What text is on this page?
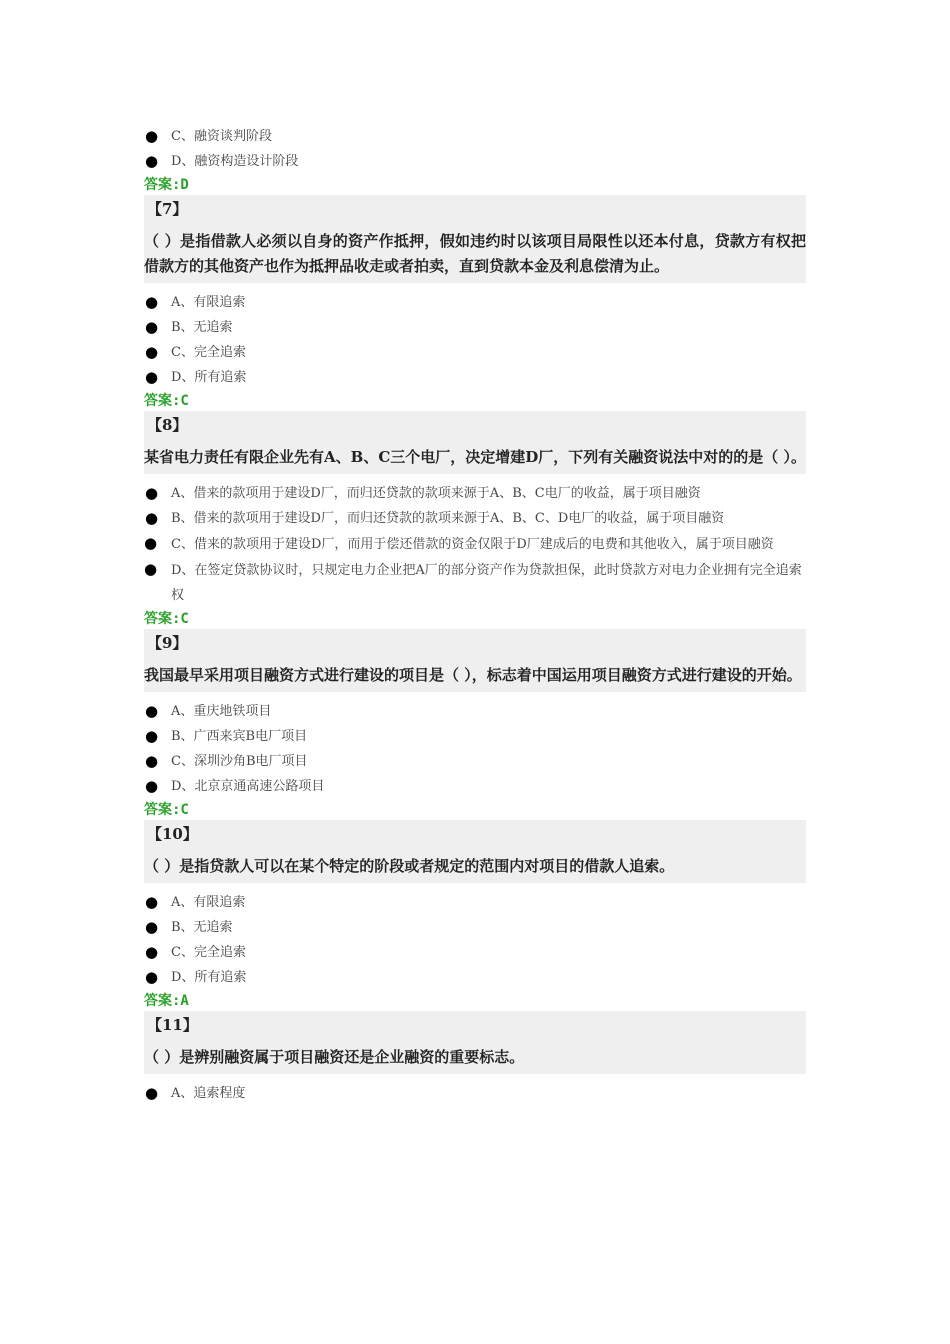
● C、融资谈判阶段
● D、融资构造设计阶段
答案:D
【7】
（ ）是指借款人必须以自身的资产作抵押，假如违约时以该项目局限性以还本付息，贷款方有权把借款方的其他资产也作为抵押品收走或者拍卖，直到贷款本金及利息偿清为止。
● A、有限追索
● B、无追索
● C、完全追索
● D、所有追索
答案:C
【8】
某省电力责任有限企业先有A、B、C三个电厂，决定增建D厂，下列有关融资说法中对的的是（ ）。
● A、借来的款项用于建设D厂，而归还贷款的款项来源于A、B、C电厂的收益，属于项目融资
● B、借来的款项用于建设D厂，而归还贷款的款项来源于A、B、C、D电厂的收益，属于项目融资
● C、借来的款项用于建设D厂，而用于偿还借款的资金仅限于D厂建成后的电费和其他收入，属于项目融资
● D、在签定贷款协议时，只规定电力企业把A厂的部分资产作为贷款担保，此时贷款方对电力企业拥有完全追索权
答案:C
【9】
我国最早采用项目融资方式进行建设的项目是（ ），标志着中国运用项目融资方式进行建设的开始。
● A、重庆地铁项目
● B、广西来宾B电厂项目
● C、深圳沙角B电厂项目
● D、北京京通高速公路项目
答案:C
【10】
（ ）是指贷款人可以在某个特定的阶段或者规定的范围内对项目的借款人追索。
● A、有限追索
● B、无追索
● C、完全追索
● D、所有追索
答案:A
【11】
（ ）是辨别融资属于项目融资还是企业融资的重要标志。
● A、追索程度
